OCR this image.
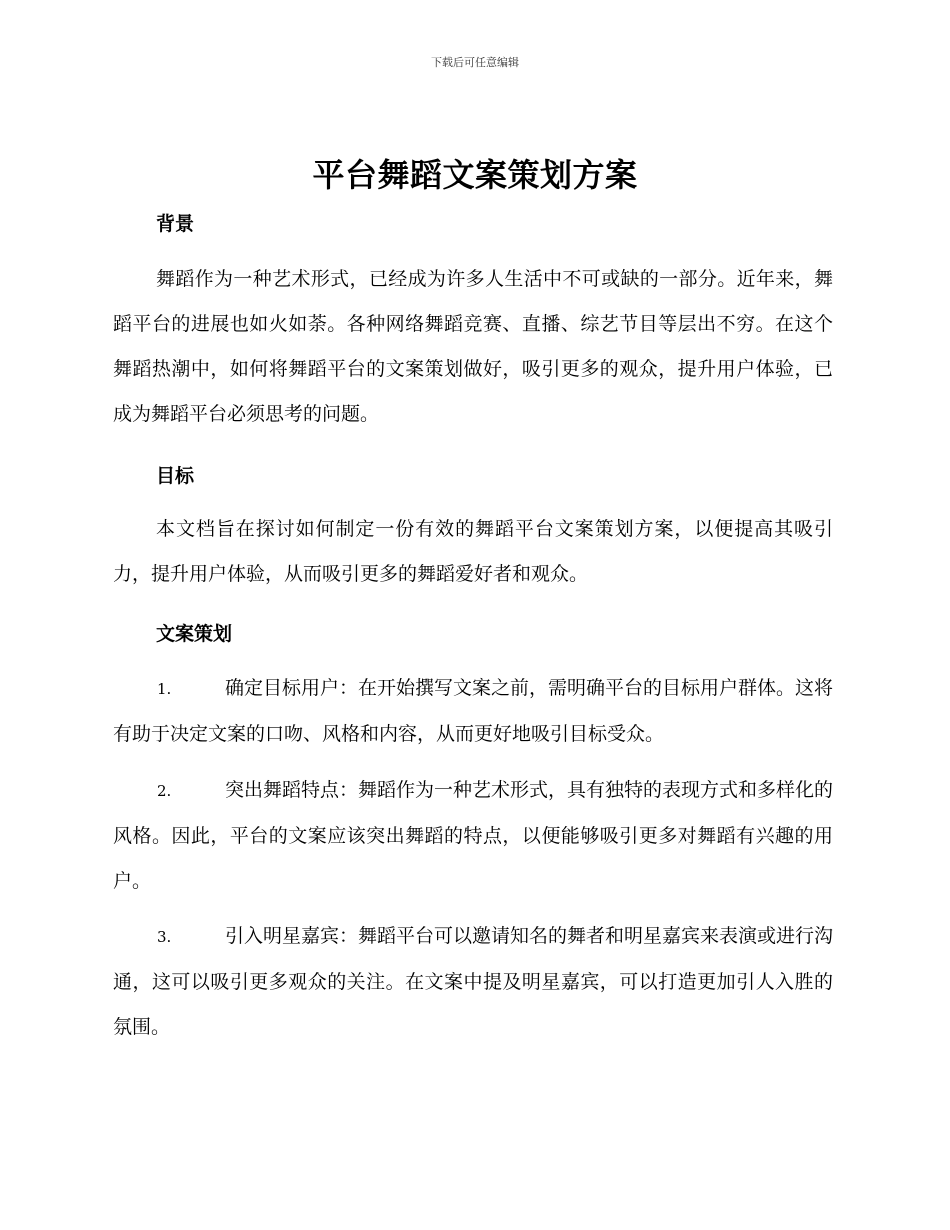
下载后可任意编辑
平台舞蹈文案策划方案
背景

舞蹈作为一种艺术形式，已经成为许多人生活中不可或缺的一部分。近年来，舞蹈平台的进展也如火如荼。各种网络舞蹈竞赛、直播、综艺节目等层出不穷。在这个舞蹈热潮中，如何将舞蹈平台的文案策划做好，吸引更多的观众，提升用户体验，已成为舞蹈平台必须思考的问题。

目标

本文档旨在探讨如何制定一份有效的舞蹈平台文案策划方案，以便提高其吸引力，提升用户体验，从而吸引更多的舞蹈爱好者和观众。

文案策划

1.	确定目标用户：在开始撰写文案之前，需明确平台的目标用户群体。这将有助于决定文案的口吻、风格和内容，从而更好地吸引目标受众。

2.	突出舞蹈特点：舞蹈作为一种艺术形式，具有独特的表现方式和多样化的风格。因此，平台的文案应该突出舞蹈的特点，以便能够吸引更多对舞蹈有兴趣的用户。

3.	引入明星嘉宾：舞蹈平台可以邀请知名的舞者和明星嘉宾来表演或进行沟通，这可以吸引更多观众的关注。在文案中提及明星嘉宾，可以打造更加引人入胜的氛围。
